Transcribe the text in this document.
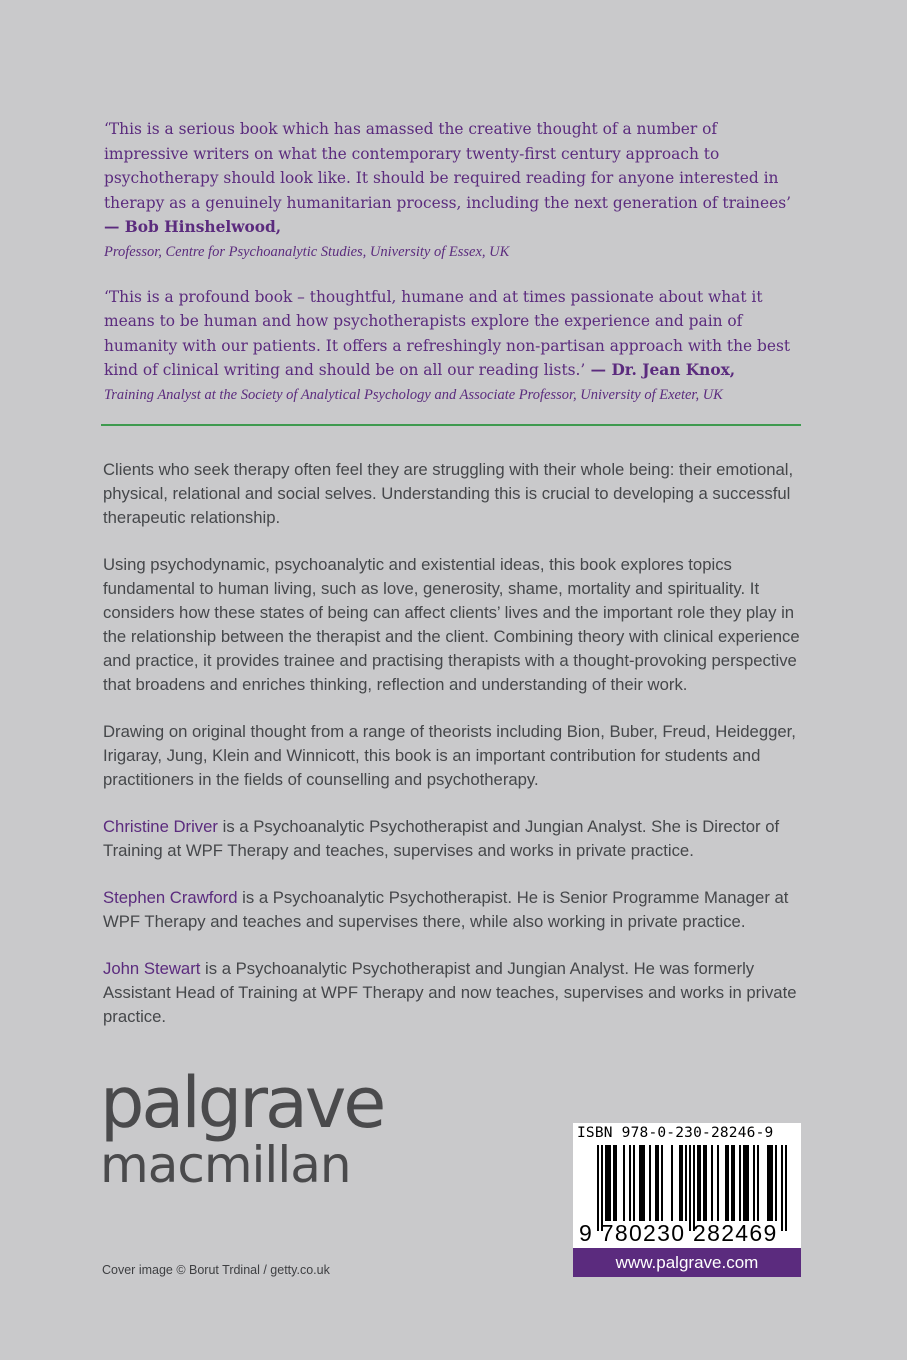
‘This is a serious book which has amassed the creative thought of a number of impressive writers on what the contemporary twenty-first century approach to psychotherapy should look like. It should be required reading for anyone interested in therapy as a genuinely humanitarian process, including the next generation of trainees’ — Bob Hinshelwood,
Professor, Centre for Psychoanalytic Studies, University of Essex, UK

‘This is a profound book – thoughtful, humane and at times passionate about what it means to be human and how psychotherapists explore the experience and pain of humanity with our patients. It offers a refreshingly non-partisan approach with the best kind of clinical writing and should be on all our reading lists.’ — Dr. Jean Knox,
Training Analyst at the Society of Analytical Psychology and Associate Professor, University of Exeter, UK

Clients who seek therapy often feel they are struggling with their whole being: their emotional, physical, relational and social selves. Understanding this is crucial to developing a successful therapeutic relationship.

Using psychodynamic, psychoanalytic and existential ideas, this book explores topics fundamental to human living, such as love, generosity, shame, mortality and spirituality. It considers how these states of being can affect clients’ lives and the important role they play in the relationship between the therapist and the client. Combining theory with clinical experience and practice, it provides trainee and practising therapists with a thought-provoking perspective that broadens and enriches thinking, reflection and understanding of their work.

Drawing on original thought from a range of theorists including Bion, Buber, Freud, Heidegger, Irigaray, Jung, Klein and Winnicott, this book is an important contribution for students and practitioners in the fields of counselling and psychotherapy.

Christine Driver is a Psychoanalytic Psychotherapist and Jungian Analyst. She is Director of Training at WPF Therapy and teaches, supervises and works in private practice.

Stephen Crawford is a Psychoanalytic Psychotherapist. He is Senior Programme Manager at WPF Therapy and teaches and supervises there, while also working in private practice.

John Stewart is a Psychoanalytic Psychotherapist and Jungian Analyst. He was formerly Assistant Head of Training at WPF Therapy and now teaches, supervises and works in private practice.

palgrave
macmillan
Cover image © Borut Trdinal / getty.co.uk
ISBN 978-0-230-28246-9
9 780230 282469
www.palgrave.com
